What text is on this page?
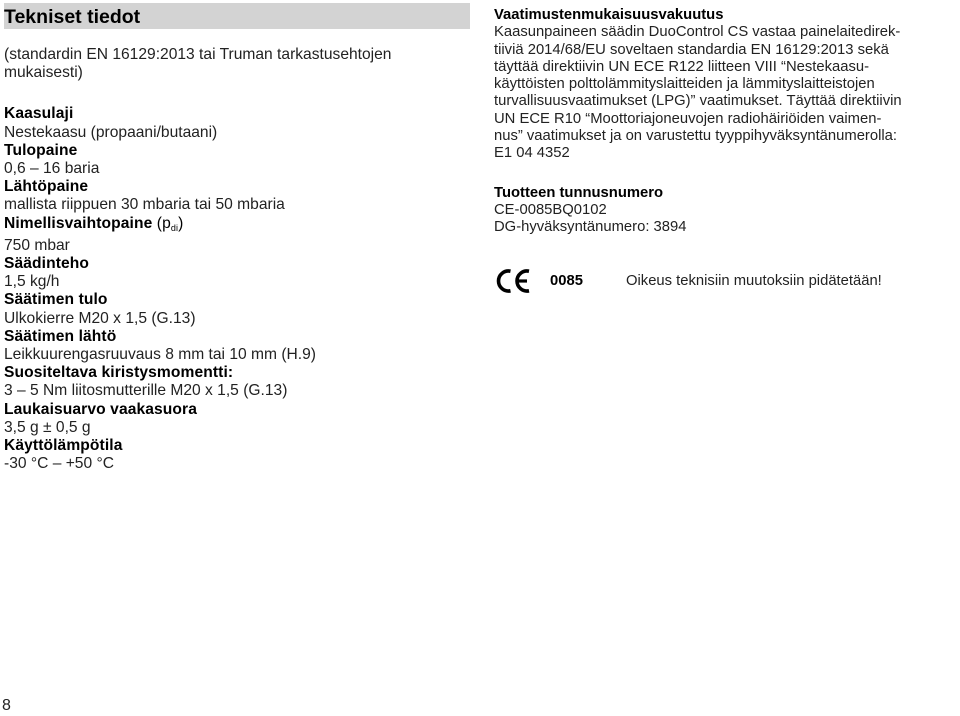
Tekniset tiedot
(standardin EN 16129:2013 tai Truman tarkastusehtojen
mukaisesti)
Kaasulaji
Nestekaasu (propaani/butaani)
Tulopaine
0,6 – 16 baria
Lähtöpaine
mallista riippuen 30 mbaria tai 50 mbaria
Nimellisvaihtopaine $(p_{di})$
750 mbar
Säädinteho
1,5 kg/h
Säätimen tulo
Ulkokierre M20 x 1,5 (G.13)
Säätimen lähtö
Leikkuurengasruuvaus 8 mm tai 10 mm (H.9)
Suositeltava kiristysmomentti:
3 – 5 Nm liitosmutterille M20 x 1,5 (G.13)
Laukaisuarvo vaakasuora
3,5 g ± 0,5 g
Käyttölämpötila
-30 °C – +50 °C
Vaatimustenmukaisuusvakuutus
Kaasunpaineen säädin DuoControl CS vastaa painelaitedirek-
tiiviä 2014/68/EU soveltaen standardia EN 16129:2013 sekä
täyttää direktiivin UN ECE R122 liitteen VIII “Nestekaasu-
käyttöisten polttolämmityslaitteiden ja lämmityslaitteistojen
turvallisuusvaatimukset (LPG)” vaatimukset. Täyttää direktiivin
UN ECE R10 “Moottoriajoneuvojen radiohäiriöiden vaimen-
nus” vaatimukset ja on varustettu tyyppihyväksyntänumerolla:
E1 04 4352
Tuotteen tunnusnumero
CE-0085BQ0102
DG-hyväksyntänumero: 3894
0085	Oikeus teknisiin muutoksiin pidätetään!
8
